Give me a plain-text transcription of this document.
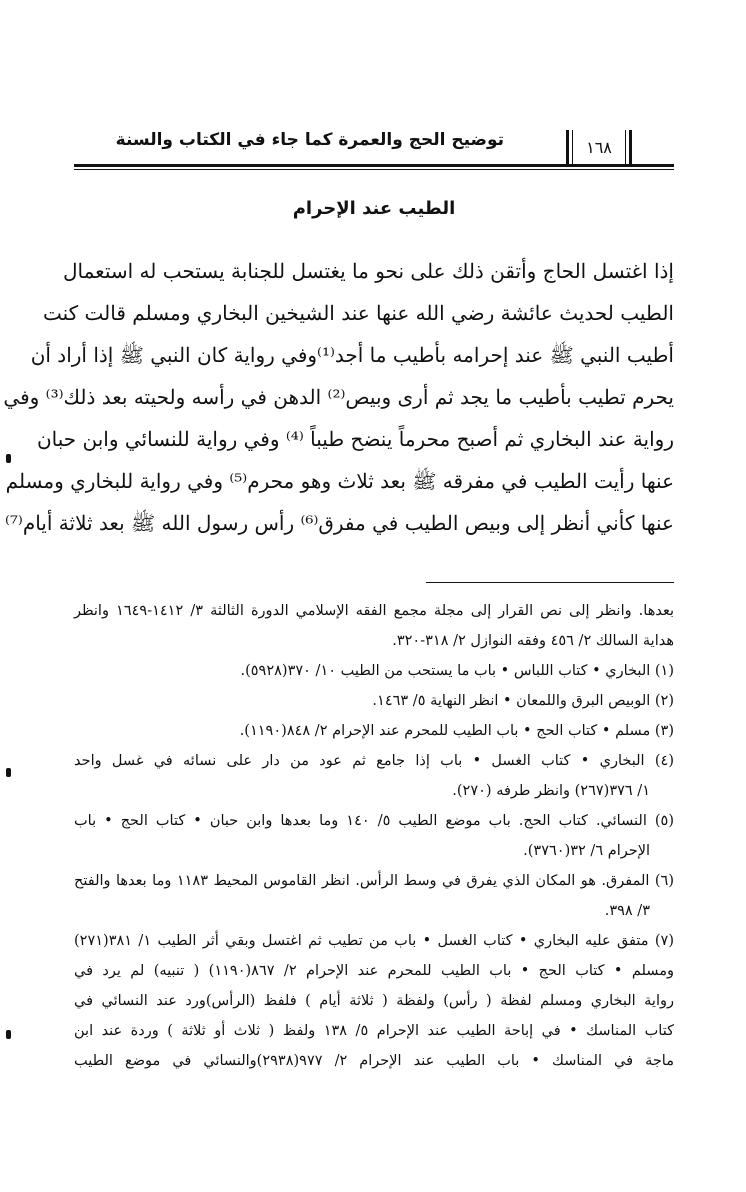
توضيح الحج والعمرة كما جاء في الكتاب والسنة	١٦٨
الطيب عند الإحرام
إذا اغتسل الحاج وأتقن ذلك على نحو ما يغتسل للجنابة يستحب له استعمال
الطيب لحديث عائشة رضي الله عنها عند الشيخين البخاري ومسلم قالت كنت
أطيب النبي ﷺ عند إحرامه بأطيب ما أجد⁽¹⁾وفي رواية كان النبي ﷺ إذا أراد أن
يحرم تطيب بأطيب ما يجد ثم أرى وبيص⁽²⁾ الدهن في رأسه ولحيته بعد ذلك⁽³⁾ وفي
رواية عند البخاري ثم أصبح محرماً ينضح طيباً ⁽⁴⁾ وفي رواية للنسائي وابن حبان
عنها رأيت الطيب في مفرقه ﷺ بعد ثلاث وهو محرم⁽⁵⁾ وفي رواية للبخاري ومسلم
عنها كأني أنظر إلى وبيص الطيب في مفرق⁽⁶⁾ رأس رسول الله ﷺ بعد ثلاثة أيام⁽⁷⁾
بعدها. وانظر إلى نص القرار إلى مجلة مجمع الفقه الإسلامي الدورة الثالثة ٣/ ١٤١٢-١٦٤٩ وانظر
هداية السالك ٢/ ٤٥٦ وفقه النوازل ٢/ ٣١٨-٣٢٠.
(١) البخاري • كتاب اللباس • باب ما يستحب من الطيب ١٠/ ٣٧٠(٥٩٢٨).
(٢) الوبيص البرق واللمعان • انظر النهاية ٥/ ١٤٦٣.
(٣) مسلم • كتاب الحج • باب الطيب للمحرم عند الإحرام ٢/ ٨٤٨(١١٩٠).
(٤) البخاري • كتاب الغسل • باب إذا جامع ثم عود من دار على نسائه في غسل واحد
١/ ٣٧٦(٢٦٧) وانظر طرفه (٢٧٠).
(٥) النسائي. كتاب الحج. باب موضع الطيب ٥/ ١٤٠ وما بعدها وابن حبان • كتاب الحج • باب
الإحرام ٦/ ٣٢(٣٧٦٠).
(٦) المفرق. هو المكان الذي يفرق في وسط الرأس. انظر القاموس المحيط ١١٨٣ وما بعدها والفتح
٣/ ٣٩٨.
(٧) متفق عليه البخاري • كتاب الغسل • باب من تطيب ثم اغتسل وبقي أثر الطيب ١/ ٣٨١(٢٧١)
ومسلم • كتاب الحج • باب الطيب للمحرم عند الإحرام ٢/ ٨٦٧(١١٩٠) ( تنبيه) لم يرد في
رواية البخاري ومسلم لفظة ( رأس) ولفظة ( ثلاثة أيام ) فلفظ (الرأس)ورد عند النسائي في
كتاب المناسك • في إباحة الطيب عند الإحرام ٥/ ١٣٨ ولفظ ( ثلاث أو ثلاثة ) وردة عند ابن
ماجة في المناسك • باب الطيب عند الإحرام ٢/ ٩٧٧(٢٩٣٨)والنسائي في موضع الطيب
